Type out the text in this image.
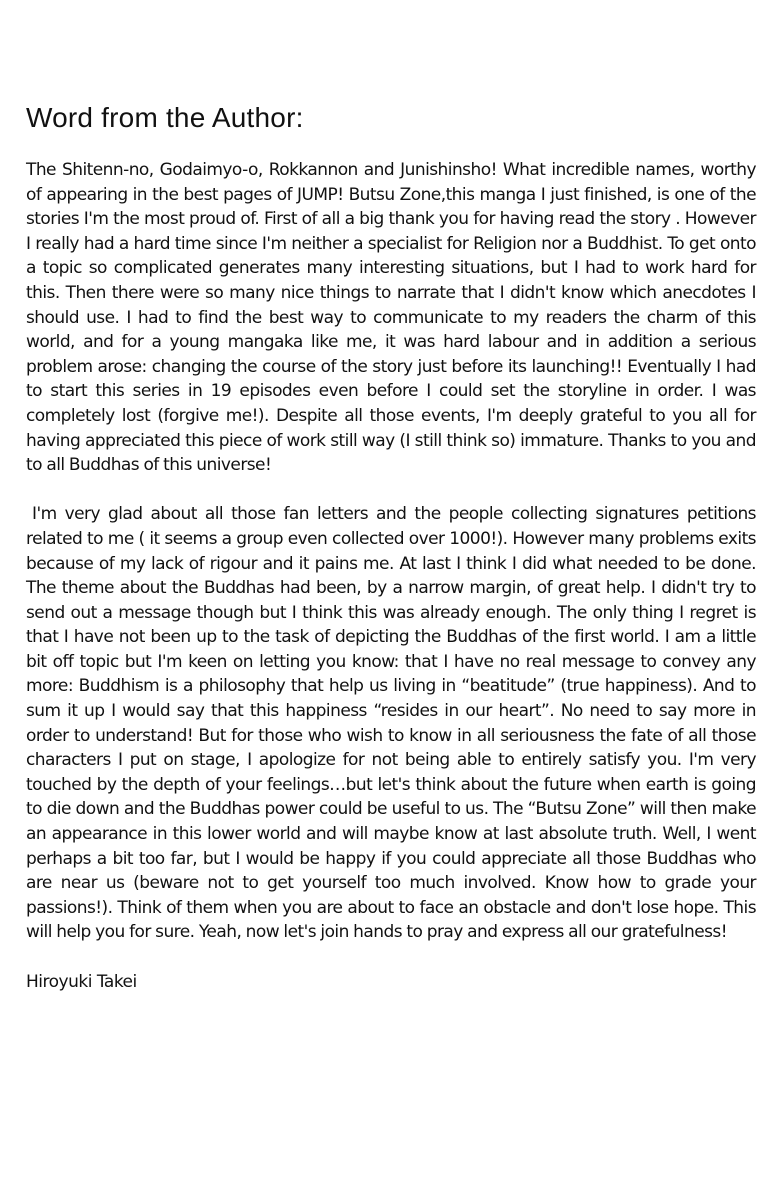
Word from the Author:

The Shitenn-no, Godaimyo-o, Rokkannon and Junishinsho! What incredible names, worthy of appearing in the best pages of JUMP! Butsu Zone,this manga I just finished, is one of the stories I'm the most proud of. First of all a big thank you for having read the story . However I really had a hard time since I'm neither a specialist for Religion nor a Buddhist. To get onto a topic so complicated generates many interesting situations, but I had to work hard for this. Then there were so many nice things to narrate that I didn't know which anecdotes I should use. I had to find the best way to communicate to my readers the charm of this world, and for a young mangaka like me, it was hard labour and in addition a serious problem arose: changing the course of the story just before its launching!! Eventually I had to start this series in 19 episodes even before I could set the storyline in order. I was completely lost (forgive me!). Despite all those events, I'm deeply grateful to you all for having appreciated this piece of work still way (I still think so) immature. Thanks to you and to all Buddhas of this universe!

I'm very glad about all those fan letters and the people collecting signatures petitions related to me ( it seems a group even collected over 1000!). However many problems exits because of my lack of rigour and it pains me. At last I think I did what needed to be done. The theme about the Buddhas had been, by a narrow margin, of great help. I didn't try to send out a message though but I think this was already enough. The only thing I regret is that I have not been up to the task of depicting the Buddhas of the first world. I am a little bit off topic but I'm keen on letting you know: that I have no real message to convey any more: Buddhism is a philosophy that help us living in “beatitude” (true happiness). And to sum it up I would say that this happiness “resides in our heart”. No need to say more in order to understand! But for those who wish to know in all seriousness the fate of all those characters I put on stage, I apologize for not being able to entirely satisfy you. I'm very touched by the depth of your feelings…but let's think about the future when earth is going to die down and the Buddhas power could be useful to us. The “Butsu Zone” will then make an appearance in this lower world and will maybe know at last absolute truth. Well, I went perhaps a bit too far, but I would be happy if you could appreciate all those Buddhas who are near us (beware not to get yourself too much involved. Know how to grade your passions!). Think of them when you are about to face an obstacle and don't lose hope. This will help you for sure. Yeah, now let's join hands to pray and express all our gratefulness!

Hiroyuki Takei
